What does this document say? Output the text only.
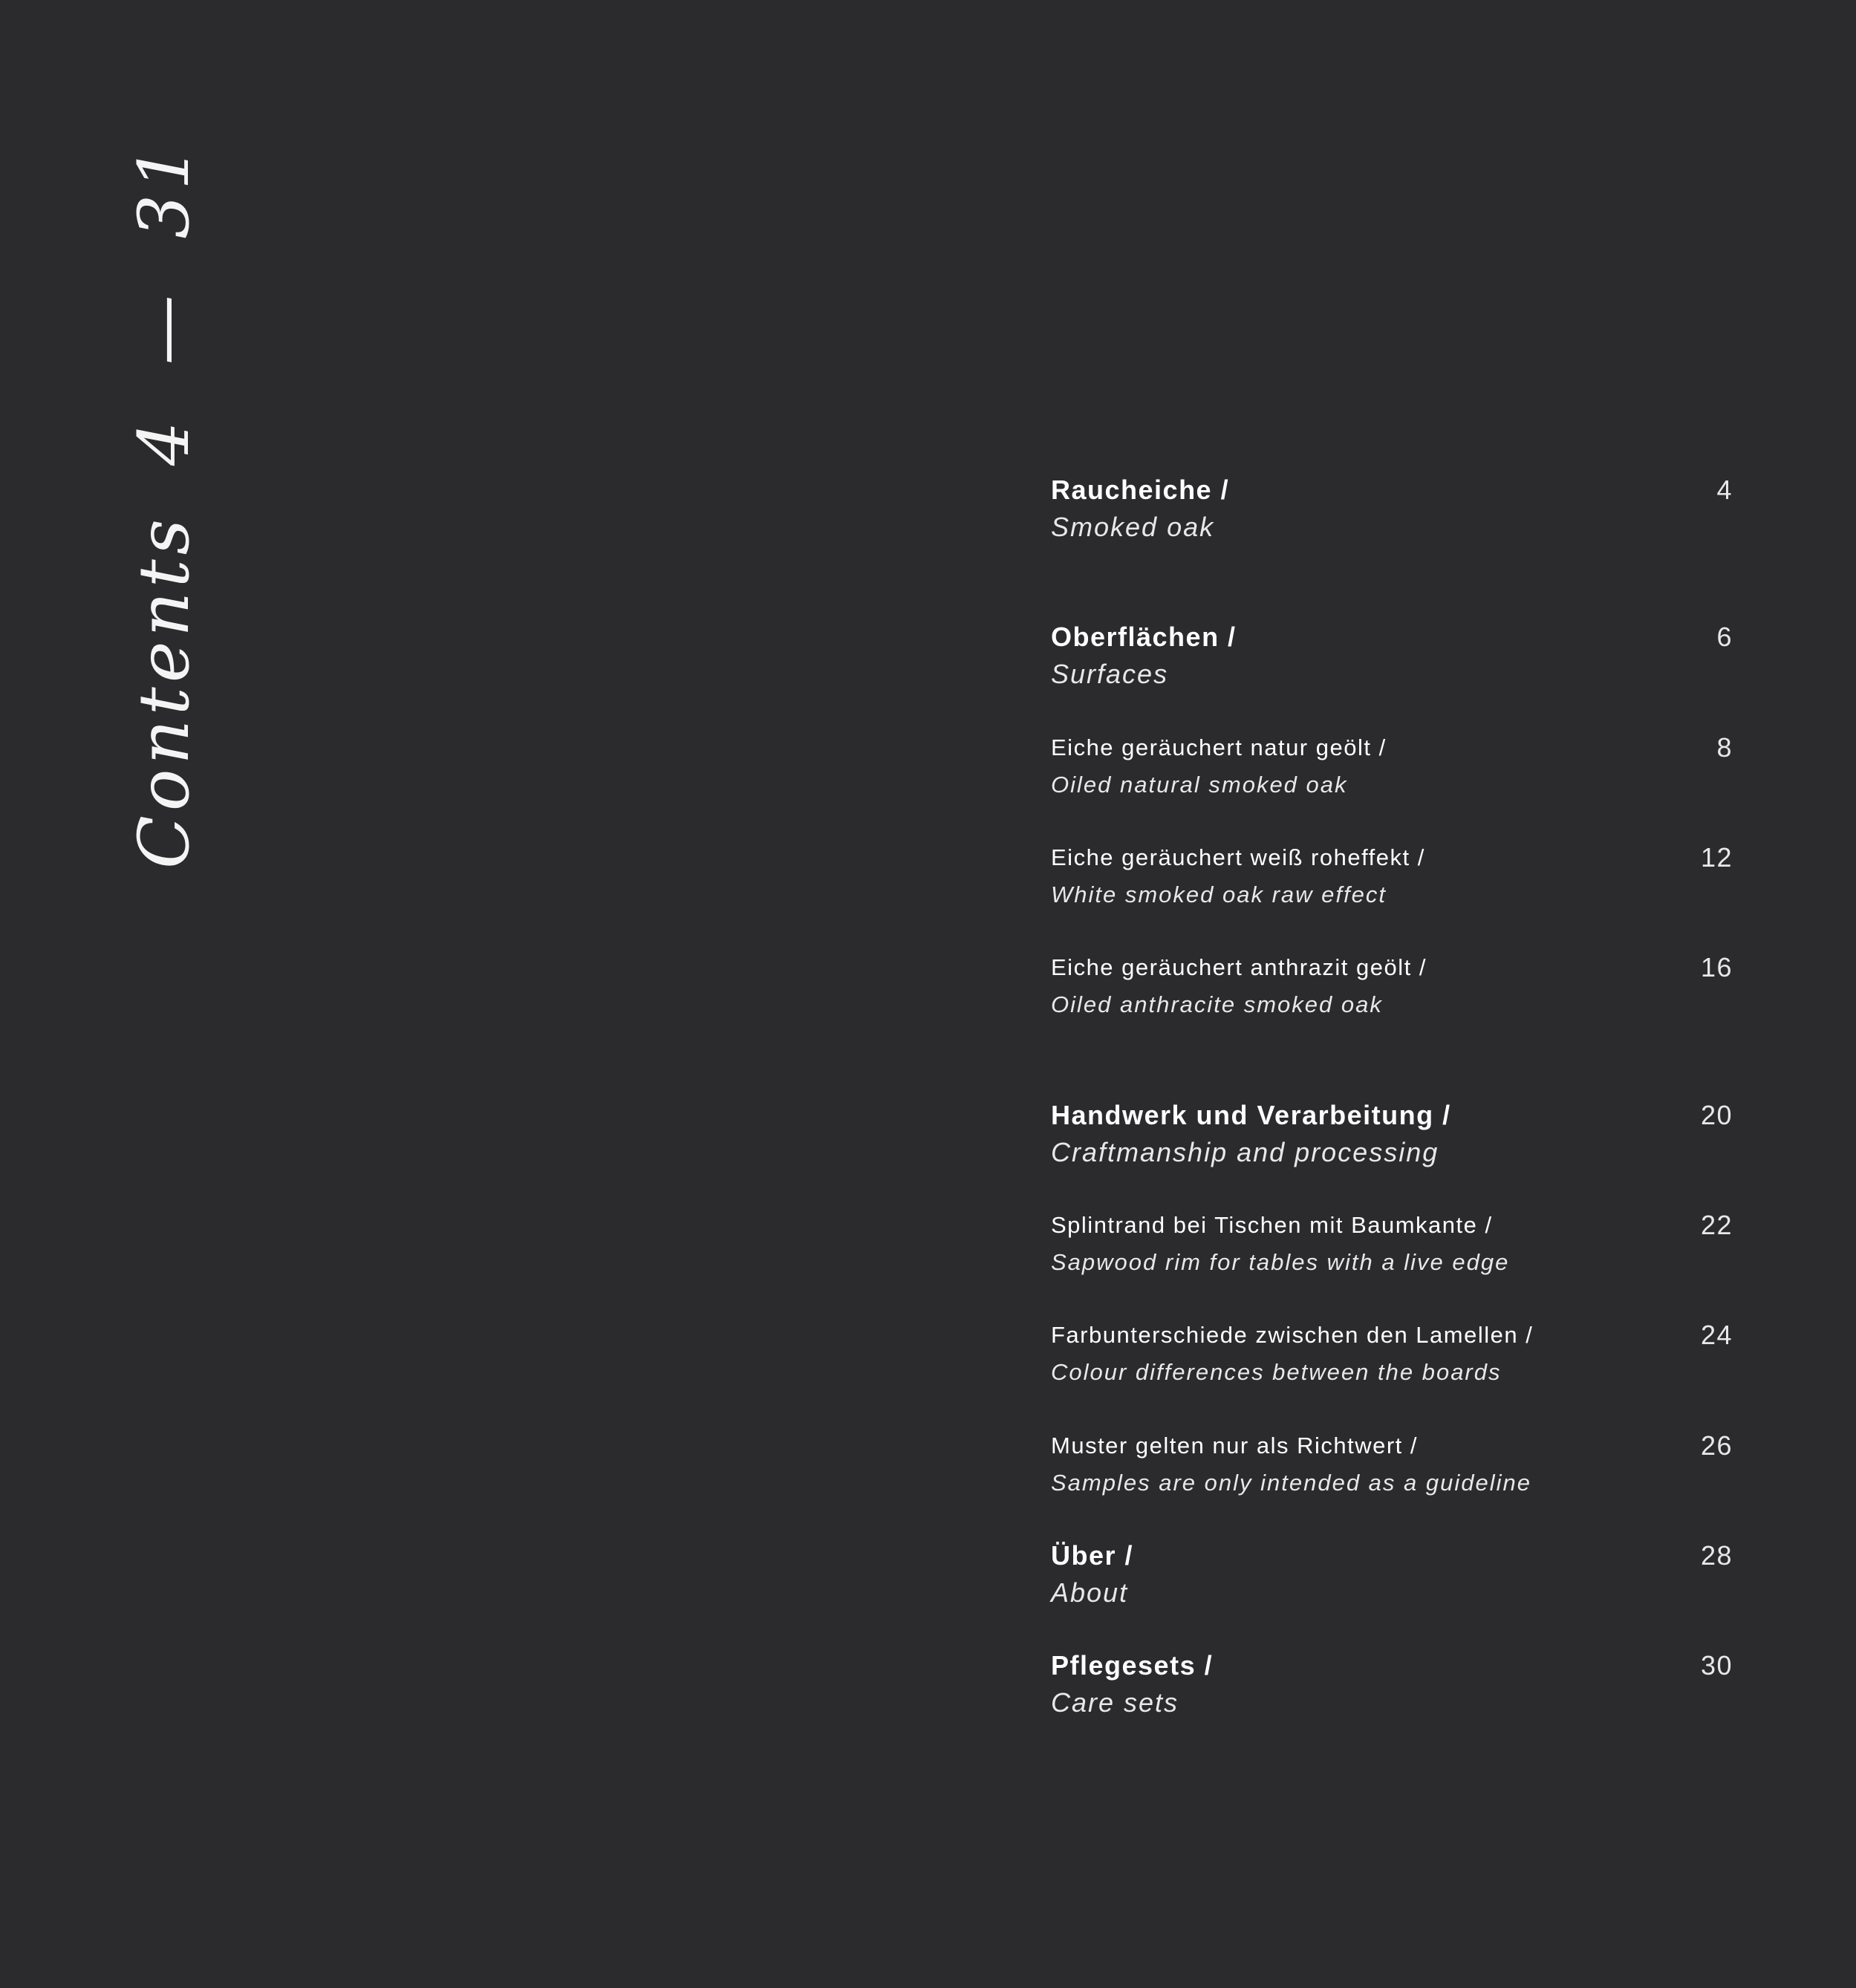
Contents 4 — 31
Raucheiche /
Smoked oak
4
Oberflächen /
Surfaces
6
Eiche geräuchert natur geölt /
Oiled natural smoked oak
8
Eiche geräuchert weiß roheffekt /
White smoked oak raw effect
12
Eiche geräuchert anthrazit geölt /
Oiled anthracite smoked oak
16
Handwerk und Verarbeitung /
Craftmanship and processing
20
Splintrand bei Tischen mit Baumkante /
Sapwood rim for tables with a live edge
22
Farbunterschiede zwischen den Lamellen /
Colour differences between the boards
24
Muster gelten nur als Richtwert /
Samples are only intended as a guideline
26
Über /
About
28
Pflegesets /
Care sets
30
